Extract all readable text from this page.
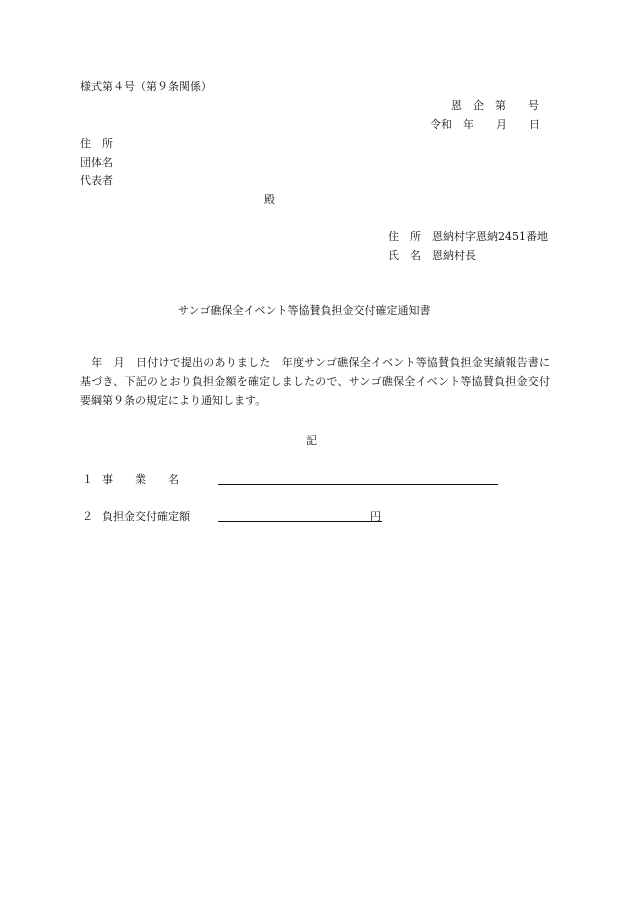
様式第４号（第９条関係）
恩　企　第　　号
令和　年　　月　　日
住　所
団体名
代表者
殿
住　所　恩納村字恩納2451番地
氏　名　恩納村長
サンゴ礁保全イベント等協賛負担金交付確定通知書
　年　月　日付けで提出のありました　年度サンゴ礁保全イベント等協賛負担金実績報告書に基づき、下記のとおり負担金額を確定しましたので、サンゴ礁保全イベント等協賛負担金交付要綱第９条の規定により通知します。
記
１ 事　　業　　名
２ 負担金交付確定額	円
